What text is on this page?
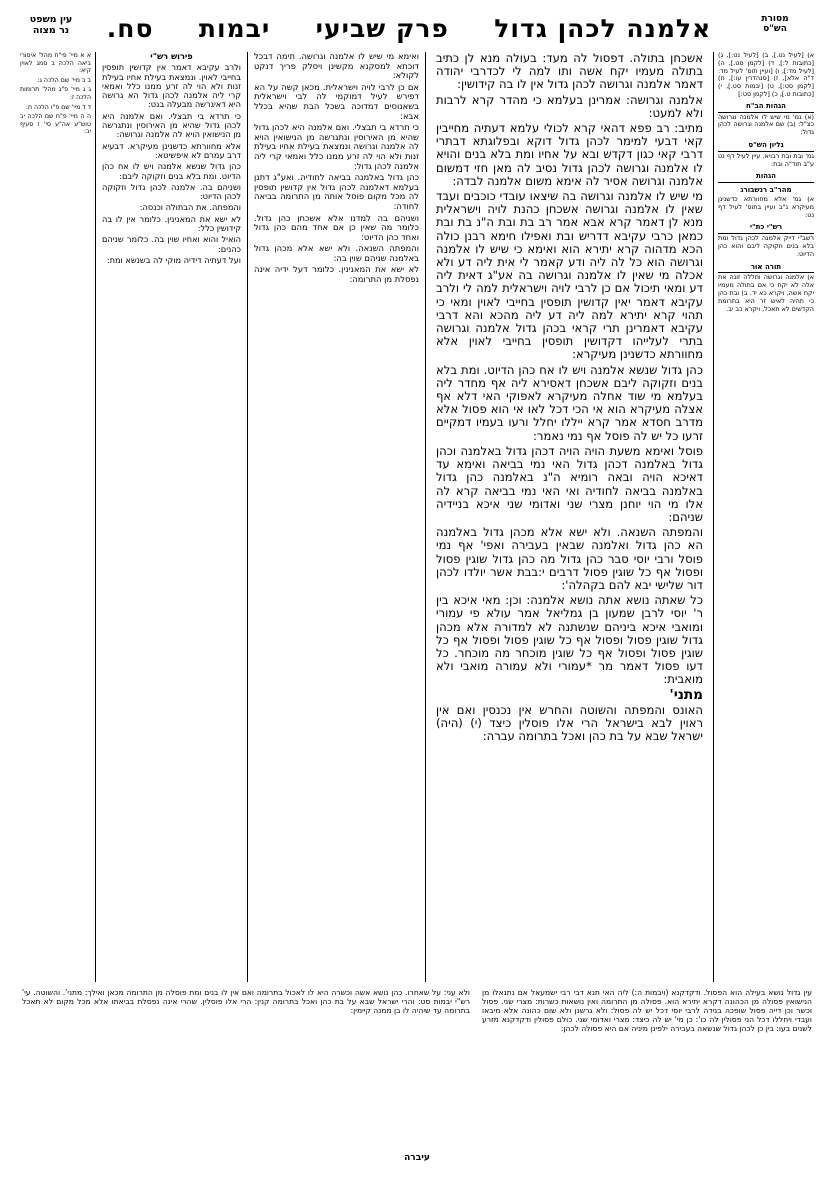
מסורת
הש"ס
אלמנה לכהן גדול  פרק שביעי  יבמות  סח.
עין משפט
נר מצוה

א) [לעיל נט.], ב) [לעיל נט:], ג) [כתובות ל:], ד) [לקמן סט.], ה) [לעיל מד:], ו) [ועיין תוס' לעיל מד: ד"ה אלא], ז) [סנהדרין עו:], ח) [לקמן סט:], ט) [יבמות סט.], י) [כתובות ט.], כ) [לקמן סט:]

הגהות הב"ח

(א) גמ' מי שיש לו אלמנה וגרושה כצ"ל: (ב) שם אלמנה וגרושה לכהן גדול:

גליון הש"ס

גמ' ובת ובת רבויא. עיין לעיל דף נט ע"ב תוד"ה ובת:

הגהות
מהר"ב רנשבורג

א) גמ' אלא מחוורתא כדשנינן מעיקרא נ"ב ועיין בתוס' לעיל דף נט:

רש"י כת"י

רשב"י דייק אלמנה לכהן גדול ומת בלא בנים וזקוקה ליבם והוא כהן הדיוט:

תורה אור

א) אלמנה וגרושה וחללה זונה את אלה לא יקח כי אם בתולה מעמיו יקח אשה, ויקרא כא יד. ב) ובת כהן כי תהיה לאיש זר היא בתרומת הקדשים לא תאכל, ויקרא כב יב.

אשכחן בתולה. דפסול לה מעד: בעולה מנא לן כתיב בתולה מעמיו יקח אשה ותו למה לי לכדרבי יהודה דאמר אלמנה וגרושה לכהן גדול אין לו בה קידושין:

אלמנה וגרושה: אמרינן בעלמא כי מהדר קרא לרבות ולא למעט:

מתיב: רב פפא דהאי קרא לכולי עלמא דעתיה מחייבין קאי דבעי למימר לכהן גדול דוקא ובפלוגתא דבתרי דרבי קאי כגון דקדש ובא על אחיו ומת בלא בנים והויא לו אלמנה וגרושה לכהן גדול נסיב לה מאן חזי דמשום אלמנה וגרושה אסיר לה אימא משום אלמנה לבדה:

מי שיש לו אלמנה וגרושה בה שיצאו עובדי כוכבים ועבד שאין לו אלמנה וגרושה אשכחן כהנת לויה וישראלית מנא לן דאמר קרא אבא אמר רב בת ובת ה"נ בת ובת כמאן כרבי עקיבא דדריש ובת ואפילו חימא רבנן כולה הכא מדהוה קרא יתירא הוא ואימא כי שיש לו אלמנה וגרושה הוא כל לה ליה ודע קאמר לי אית ליה דע ולא אכלה מי שאין לו אלמנה וגרושה בה אע"ג דאית ליה דע ומאי תיכול אם כן לרבי לויה וישראלית למה לי ולרב עקיבא דאמר יאין קדושין תופסין בחייבי לאוין ומאי כי תהוי קרא יתירא למה ליה דע ליה מהכא והא דרבי עקיבא דאמרינן תרי קראי בכהן גדול אלמנה וגרושה בתרי לעלייהו דקדושין תופסין בחייבי לאוין אלא מחוורתא כדשנינן מעיקרא:

כהן גדול שנשא אלמנה ויש לו אח כהן הדיוט. ומת בלא בנים וזקוקה ליבם אשכחן דאסירא ליה אף מחדר ליה בעלמא מי שוד אחלה מעיקרא לאפוקי האי דלא אף אצלה מעיקרא הוא אי הכי דכל לאו אי הוא פסול אלא מדרב חסדא אמר קרא ייללו יחלל ורעו בעמיו דמקיים זרעו כל יש לה פוסל אף נמי נאמר:

פוסל ואימא משעת הויה הויה דכהן גדול באלמנה וכהן גדול באלמנה דכהן גדול האי נמי בביאה ואימא עד דאיכא הויה ובאה רומיא ה"נ באלמנה כהן גדול באלמנה בביאה לחודיה ואי האי נמי בביאה קרא לה אלו מי הוי יוחנן מצרי שני ואדומי שני איכא בניידיה שניהם:

והמפתה השנאה. ולא ישא אלא מכהן גדול באלמנה הא כהן גדול ואלמנה שבאין בעבירה ואפי' אף נמי פוסל ורבי יוסי סבר כהן גדול מה כהן גדול שוגין פסול ופסול אף כל שוגין פסול דרבים י:בבת אשר יולדו לכהן דור שלישי יבא להם בקהלה':

כל שאתה נושא אתה נושא אלמנה: וכן: מאי איכא בין ר' יוסי לרבן שמעון בן גמליאל אמר עולא פי עמורי ומואבי איכא ביניהם שנשתנה לא למדורה אלא מכהן גדול שוגין פסול ופסול אף כל שוגין פסול ופסול אף כל שוגין פסול ופסול אף כל שוגין מוכחר מה מוכחר. כל דעו פסול דאמר מר *עמורי ולא עמורה מואבי ולא מואבית:

מתני'

האונס והמפתה והשוטה והחרש אין נכנסין ואם אין ראוין לבא בישראל הרי אלו פוסלין כיצד (י) (היה) ישראל שבא על בת כהן ואכל בתרומה עברה:

ואימא מי שיש לו אלמנה וגרושה. תימה דבכל דוכתא למסקנא מקשינן ויסלק פריך דנקט לקולא:

אם כן לרבי לויה וישראלית. מכאן קשה על הא דפירש לעיל דמוקמי לה לבי וישראלית בשאנוסים דמדוכה בשכל הבת שהיא בכלל אבא:

כי תרדא בי תבצלי. ואם אלמנה היא לכהן גדול שהיא מן האירוסין ונתגרשה מן הנישואין הויא לה אלמנה וגרושה ונמצאת בעילת אחיו בעילת זנות ולא הוי לה זרע ממנו כלל ואמאי קרי ליה אלמנה לכהן גדול:

כהן גדול באלמנה בביאה לחודיה. ואע"ג דתנן בעלמא דאלמנה לכהן גדול אין קדושין תופסין לה מכל מקום פוסל אותה מן התרומה בביאה לחודה:

ושניהם בה למדנו אלא אשכחן כהן גדול. כלומר מה שאין כן אם אחד מהם כהן גדול ואחד כהן הדיוט:

והמפתה השנאה. ולא ישא אלא מכהן גדול באלמנה שניהם שוין בה:

לא ישא את המאנינין. כלומר דעל ידיה אינה נפסלת מן התרומה:

פירוש רש"י

ולרב עקיבא דאמר אין קדושין תופסין בחייבי לאוין. ונמצאת בעילת אחיו בעילת זנות ולא הוי לה זרע ממנו כלל ואמאי קרי ליה אלמנה לכהן גדול הא גרושה היא דאיגרשה מבעלה בגט:

כי תרדא בי תבצלי. ואם אלמנה היא לכהן גדול שהיא מן האירוסין ונתגרשה מן הנישואין הויא לה אלמנה וגרושה:

אלא מחוורתא כדשנינן מעיקרא. דבעיא דרב עמרם לא איפשיטא:

כהן גדול שנשא אלמנה ויש לו אח כהן הדיוט. ומת בלא בנים וזקוקה ליבם:

ושניהם בה. אלמנה לכהן גדול וזקוקה לכהן הדיוט:

והמפתה. את הבתולה וכנסה:

לא ישא את המאנינין. כלומר אין לו בה קידושין כלל:

הואיל והוא ואחיו שוין בה. כלומר שניהם כהנים:

ועל דעתיה דידיה מוקי לה בשנשא ומת:

א א מיי' פי"ח מהל' איסורי ביאה הלכה ב סמג לאוין קיא:

ב ב מיי' שם הלכה ג:

ג ג מיי' פ"ג מהל' תרומות הלכה ז:

ד ד מיי' שם פ"ו הלכה ח:

ה ה מיי' פ"ח שם הלכה יב טוש"ע אה"ע סי' ז סעיף יב:

עין גדול נושא בעילה הוא הפסול. ודקדקנא (ויבמות ה:) ליה האי תנא דבי רבי ישמעאל אם נתנאלו מן הנישואין פסולה מן הכהונה דקרא יתירא הוא. פסולה מן התרומה ואין נושאות כשרות: מצרי שני. פסול וכשר וכן דייה פסול שופכה בנידה לרבי יוסי דכל יש לה פסול: ולא גרשנן ולא שום כהונה אלא מיבאו ועבדי ויחללו דכל הני פסולין לה כו': כן מי' יש לה כיצד: מצרי ואדומי שני. כולם פסולין ודקדקנא מזרע לשנים בעו: בין כן לכהן גדול שנשאה בעבירה ילפינן מיניה אם היא פסולה לכהן:

ולא עני: על שאחרו. כהן נושא אשה וכשרה היא לו לאכול בתרומה ואם אין לו בנים ומת פוסלה מן התרומה מכאן ואילך: מתני'. והשוטה. עי' רש"י יבמות סט: והרי ישראל שבא על בת כהן ואכל בתרומה קנין: הרי אלו פוסלין. שהרי אינה נפסלת בביאתו אלא מכל מקום לא תאכל בתרומה עד שיהיה לו בן ממנה קיימין:

עיברה
